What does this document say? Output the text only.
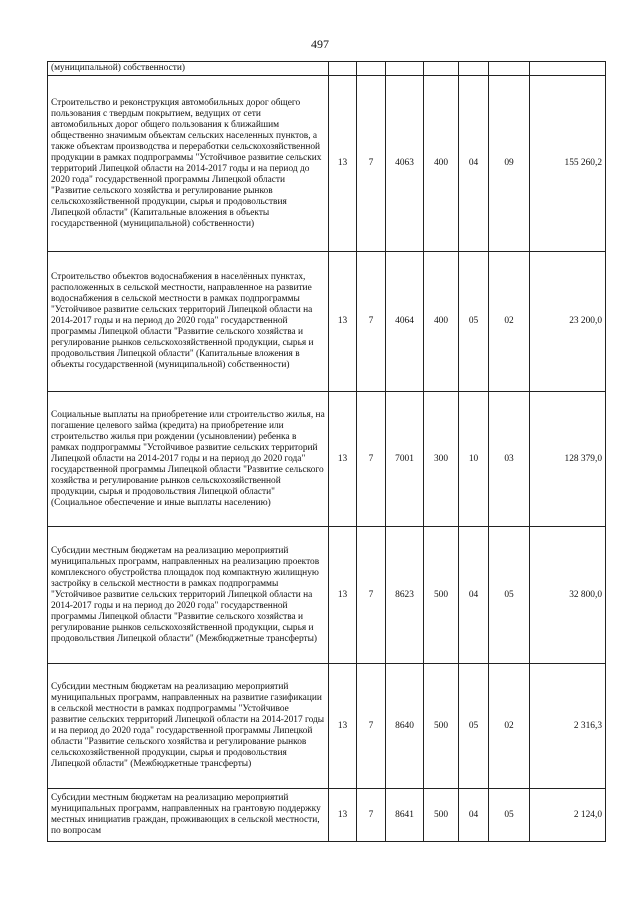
497
(муниципальной) собственности)							
Строительство и реконструкция автомобильных дорог общего пользования с твердым покрытием, ведущих от сети автомобильных дорог общего пользования к ближайшим общественно значимым объектам сельских населенных пунктов, а также объектам производства и переработки сельскохозяйственной продукции в рамках подпрограммы "Устойчивое развитие сельских территорий Липецкой области на 2014-2017 годы и на период до 2020 года" государственной программы Липецкой области "Развитие сельского хозяйства и регулирование рынков сельскохозяйственной продукции, сырья и продовольствия Липецкой области" (Капитальные вложения в объекты государственной (муниципальной) собственности)	13	7	4063	400	04	09	155 260,2
Строительство объектов водоснабжения в населённых пунктах, расположенных в сельской местности, направленное на развитие водоснабжения в сельской местности в рамках подпрограммы "Устойчивое развитие сельских территорий Липецкой области на 2014-2017 годы и на период до 2020 года" государственной программы Липецкой области "Развитие сельского хозяйства и регулирование рынков сельскохозяйственной продукции, сырья и продовольствия Липецкой области" (Капитальные вложения в объекты государственной (муниципальной) собственности)	13	7	4064	400	05	02	23 200,0
Социальные выплаты на приобретение или строительство жилья, на погашение целевого займа (кредита) на приобретение или строительство жилья при рождении (усыновлении) ребенка в рамках подпрограммы "Устойчивое развитие сельских территорий Липецкой области на 2014-2017 годы и на период до 2020 года" государственной программы Липецкой области "Развитие сельского хозяйства и регулирование рынков сельскохозяйственной продукции, сырья и продовольствия Липецкой области" (Социальное обеспечение и иные выплаты населению)	13	7	7001	300	10	03	128 379,0
Субсидии местным бюджетам на реализацию мероприятий муниципальных программ, направленных на реализацию проектов комплексного обустройства площадок под компактную жилищную застройку в сельской местности в рамках подпрограммы "Устойчивое развитие сельских территорий Липецкой области на 2014-2017 годы и на период до 2020 года" государственной программы Липецкой области "Развитие сельского хозяйства и регулирование рынков сельскохозяйственной продукции, сырья и продовольствия Липецкой области" (Межбюджетные трансферты)	13	7	8623	500	04	05	32 800,0
Субсидии местным бюджетам на реализацию мероприятий муниципальных программ, направленных на развитие газификации в сельской местности в рамках подпрограммы "Устойчивое развитие сельских территорий Липецкой области на 2014-2017 годы и на период до 2020 года" государственной программы Липецкой области "Развитие сельского хозяйства и регулирование рынков сельскохозяйственной продукции, сырья и продовольствия Липецкой области" (Межбюджетные трансферты)	13	7	8640	500	05	02	2 316,3
Субсидии местным бюджетам на реализацию мероприятий муниципальных программ, направленных на грантовую поддержку местных инициатив граждан, проживающих в сельской местности, по вопросам	13	7	8641	500	04	05	2 124,0
